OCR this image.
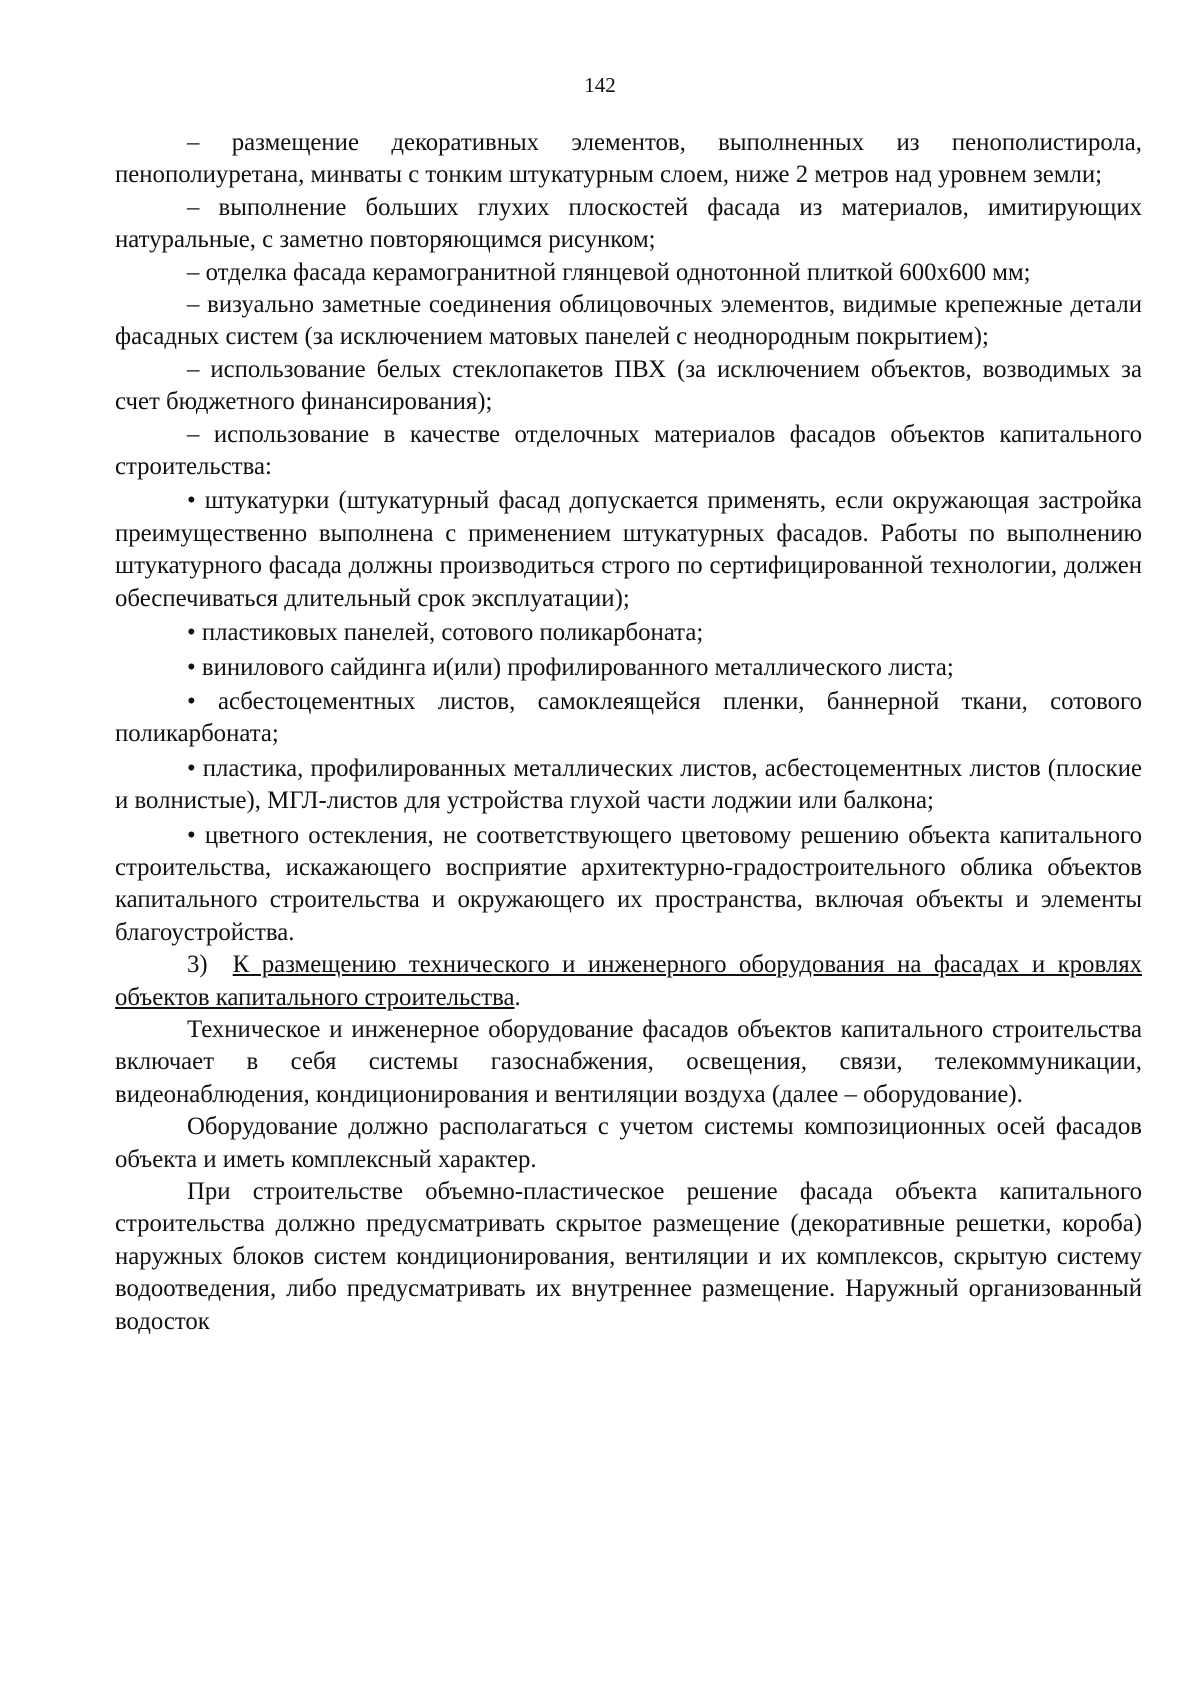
142

– размещение декоративных элементов, выполненных из пенополистирола, пенополиуретана, минваты с тонким штукатурным слоем, ниже 2 метров над уровнем земли;

– выполнение больших глухих плоскостей фасада из материалов, имитирующих натуральные, с заметно повторяющимся рисунком;

– отделка фасада керамогранитной глянцевой однотонной плиткой 600х600 мм;

– визуально заметные соединения облицовочных элементов, видимые крепежные детали фасадных систем (за исключением матовых панелей с неоднородным покрытием);

– использование белых стеклопакетов ПВХ (за исключением объектов, возводимых за счет бюджетного финансирования);

– использование в качестве отделочных материалов фасадов объектов капитального строительства:

• штукатурки (штукатурный фасад допускается применять, если окружающая застройка преимущественно выполнена с применением штукатурных фасадов. Работы по выполнению штукатурного фасада должны производиться строго по сертифицированной технологии, должен обеспечиваться длительный срок эксплуатации);

• пластиковых панелей, сотового поликарбоната;

• винилового сайдинга и(или) профилированного металлического листа;

• асбестоцементных листов, самоклеящейся пленки, баннерной ткани, сотового поликарбоната;

• пластика, профилированных металлических листов, асбестоцементных листов (плоские и волнистые), МГЛ-листов для устройства глухой части лоджии или балкона;

• цветного остекления, не соответствующего цветовому решению объекта капитального строительства, искажающего восприятие архитектурно-градостроительного облика объектов капитального строительства и окружающего их пространства, включая объекты и элементы благоустройства.

3) К размещению технического и инженерного оборудования на фасадах и кровлях объектов капитального строительства.

Техническое и инженерное оборудование фасадов объектов капитального строительства включает в себя системы газоснабжения, освещения, связи, телекоммуникации, видеонаблюдения, кондиционирования и вентиляции воздуха (далее – оборудование).

Оборудование должно располагаться с учетом системы композиционных осей фасадов объекта и иметь комплексный характер.

При строительстве объемно-пластическое решение фасада объекта капитального строительства должно предусматривать скрытое размещение (декоративные решетки, короба) наружных блоков систем кондиционирования, вентиляции и их комплексов, скрытую систему водоотведения, либо предусматривать их внутреннее размещение. Наружный организованный водосток
